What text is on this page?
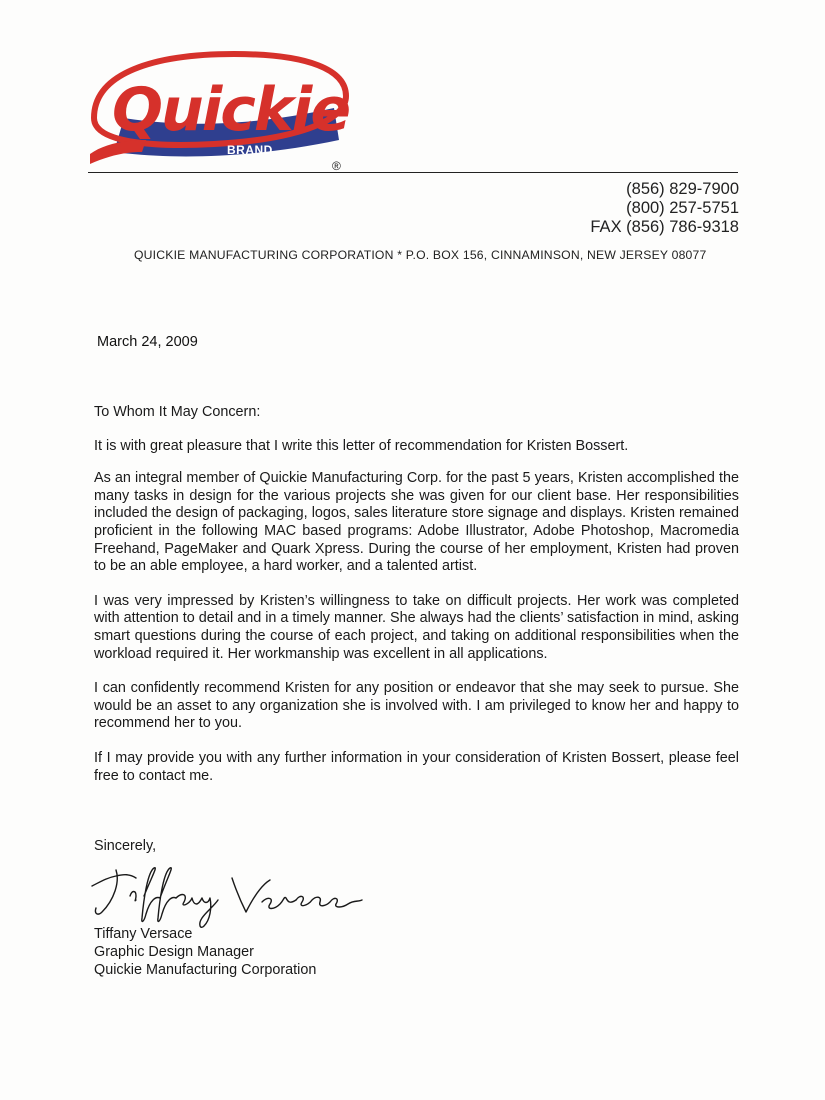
Quickie
BRAND
®
(856) 829-7900
(800) 257-5751
FAX (856) 786-9318
QUICKIE MANUFACTURING CORPORATION * P.O. BOX 156, CINNAMINSON, NEW JERSEY 08077
March 24, 2009

To Whom It May Concern:

It is with great pleasure that I write this letter of recommendation for Kristen Bossert.

As an integral member of Quickie Manufacturing Corp. for the past 5 years, Kristen accomplished the many tasks in design for the various projects she was given for our client base. Her responsibilities included the design of packaging, logos, sales literature store signage and displays. Kristen remained proficient in the following MAC based programs: Adobe Illustrator, Adobe Photoshop, Macromedia Freehand, PageMaker and Quark Xpress. During the course of her employment, Kristen had proven to be an able employee, a hard worker, and a talented artist.

I was very impressed by Kristen’s willingness to take on difficult projects. Her work was completed with attention to detail and in a timely manner. She always had the clients’ satisfaction in mind, asking smart questions during the course of each project, and taking on additional responsibilities when the workload required it. Her workmanship was excellent in all applications.

I can confidently recommend Kristen for any position or endeavor that she may seek to pursue. She would be an asset to any organization she is involved with. I am privileged to know her and happy to recommend her to you.

If I may provide you with any further information in your consideration of Kristen Bossert, please feel free to contact me.

Sincerely,
Tiffany Versace
Graphic Design Manager
Quickie Manufacturing Corporation
